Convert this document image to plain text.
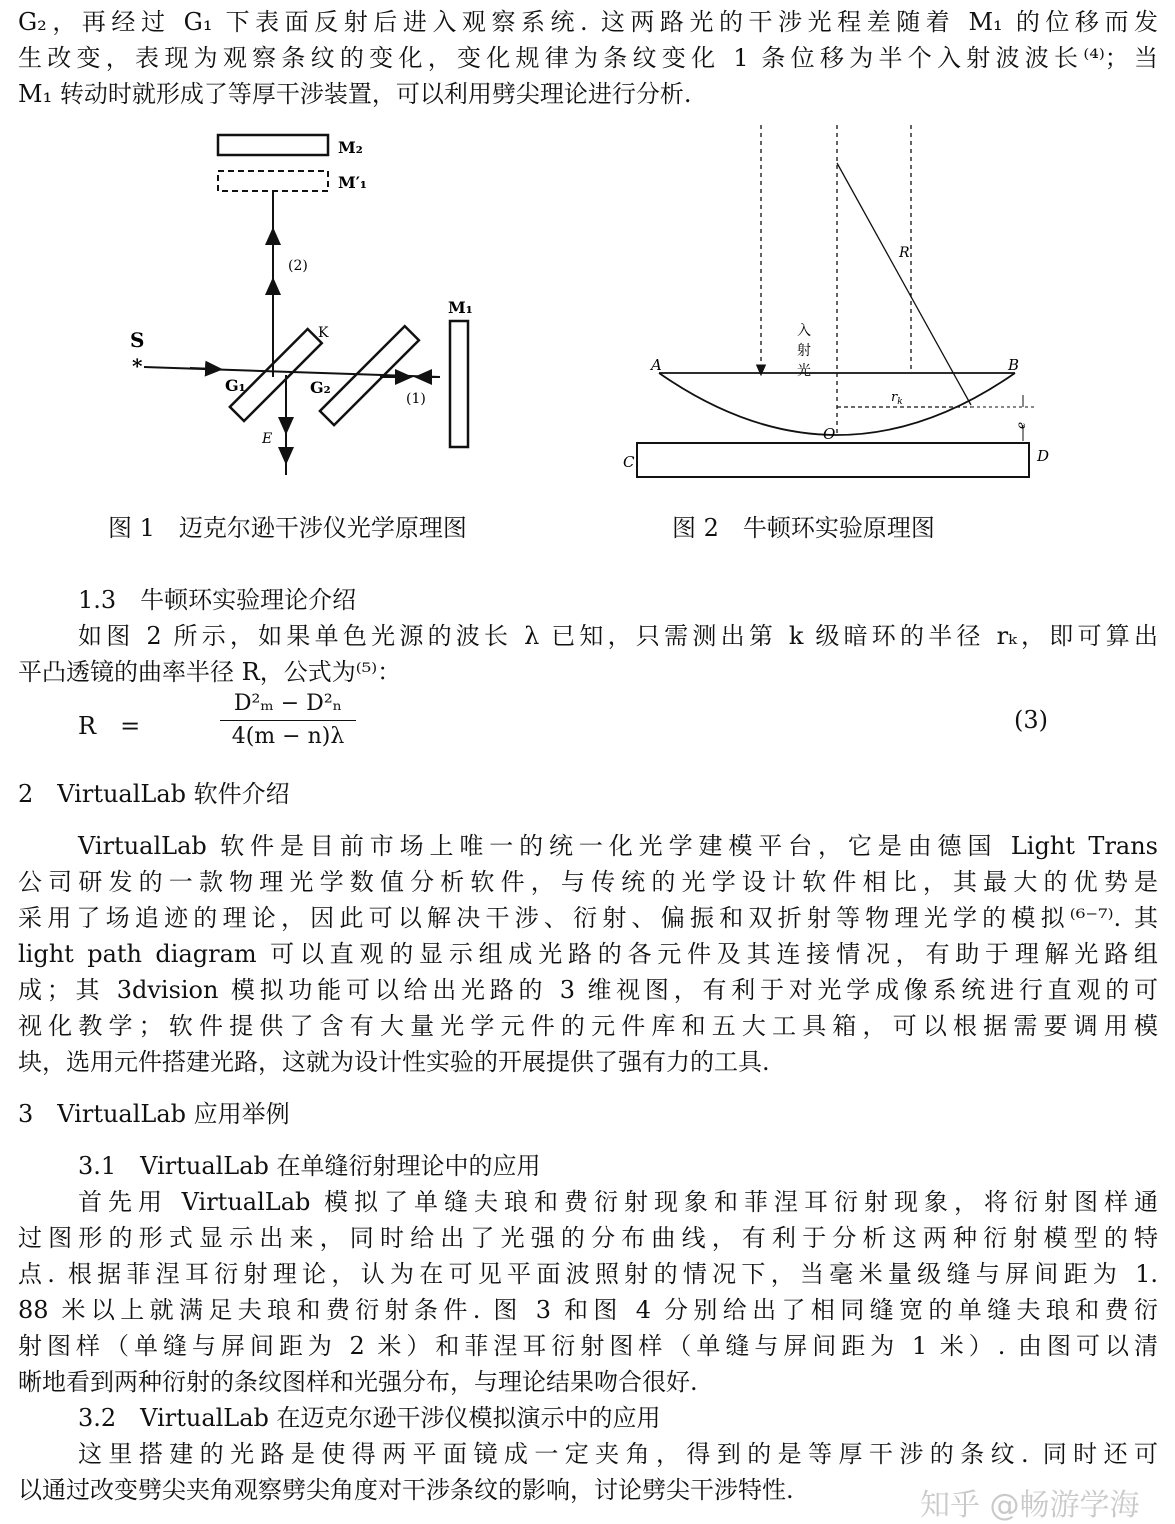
G₂，再经过 G₁ 下表面反射后进入观察系统. 这两路光的干涉光程差随着 M₁ 的位移而发
生改变，表现为观察条纹的变化，变化规律为条纹变化 1 条位移为半个入射波波长⁽⁴⁾；当
M₁ 转动时就形成了等厚干涉装置，可以利用劈尖理论进行分析.
M₂
M′₁
(2)
S
*
(1)
K
G₁	G₂
M₁
E
入
射
光
R
A	B
$r_k$
e
O
C	D
图 1　迈克尔逊干涉仪光学原理图	图 2　牛顿环实验原理图
1.3　牛顿环实验理论介绍
如图 2 所示，如果单色光源的波长 λ 已知，只需测出第 k 级暗环的半径 rₖ，即可算出
平凸透镜的曲率半径 R，公式为⁽⁵⁾：
R　=
D²ₘ − D²ₙ
4(m − n)λ
(3)
2　VirtualLab 软件介绍
VirtualLab 软件是目前市场上唯一的统一化光学建模平台，它是由德国 Light Trans
公司研发的一款物理光学数值分析软件，与传统的光学设计软件相比，其最大的优势是
采用了场追迹的理论，因此可以解决干涉、衍射、偏振和双折射等物理光学的模拟⁽⁶⁻⁷⁾. 其
light path diagram 可以直观的显示组成光路的各元件及其连接情况，有助于理解光路组
成；其 3dvision 模拟功能可以给出光路的 3 维视图，有利于对光学成像系统进行直观的可
视化教学；软件提供了含有大量光学元件的元件库和五大工具箱，可以根据需要调用模
块，选用元件搭建光路，这就为设计性实验的开展提供了强有力的工具.
3　VirtualLab 应用举例
3.1　VirtualLab 在单缝衍射理论中的应用
首先用 VirtualLab 模拟了单缝夫琅和费衍射现象和菲涅耳衍射现象，将衍射图样通
过图形的形式显示出来，同时给出了光强的分布曲线，有利于分析这两种衍射模型的特
点. 根据菲涅耳衍射理论，认为在可见平面波照射的情况下，当毫米量级缝与屏间距为 1.
88 米以上就满足夫琅和费衍射条件. 图 3 和图 4 分别给出了相同缝宽的单缝夫琅和费衍
射图样（单缝与屏间距为 2 米）和菲涅耳衍射图样（单缝与屏间距为 1 米）. 由图可以清
晰地看到两种衍射的条纹图样和光强分布，与理论结果吻合很好.
3.2　VirtualLab 在迈克尔逊干涉仪模拟演示中的应用
这里搭建的光路是使得两平面镜成一定夹角，得到的是等厚干涉的条纹. 同时还可
以通过改变劈尖夹角观察劈尖角度对干涉条纹的影响，讨论劈尖干涉特性.	知乎 @畅游学海
